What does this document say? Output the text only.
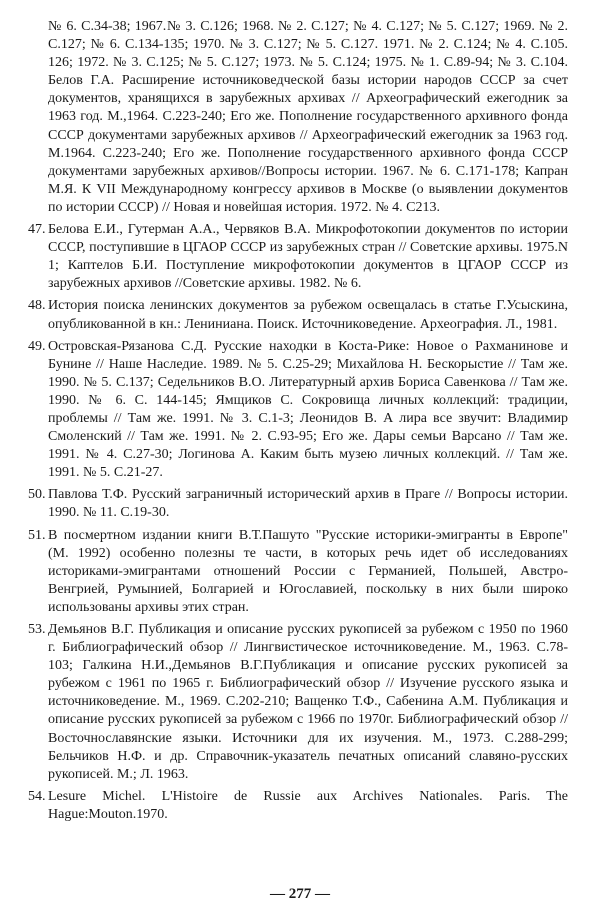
№ 6. С.34-38; 1967.№ 3. С.126; 1968. № 2. С.127; № 4. С.127; № 5. С.127; 1969. № 2. С.127; № 6. С.134-135; 1970. № 3. С.127; № 5. С.127. 1971. № 2. С.124; № 4. С.105. 126; 1972. № 3. С.125; № 5. С.127; 1973. № 5. С.124; 1975. № 1. С.89-94; № 3. С.104. Белов Г.А. Расширение источниковедческой базы истории народов СССР за счет документов, хранящихся в зарубежных архивах // Археографический ежегодник за 1963 год. М.,1964. С.223-240; Его же. Пополнение государственного архивного фонда СССР документами зарубежных архивов // Археографический ежегодник за 1963 год. М.1964. С.223-240; Его же. Пополнение государственного архивного фонда СССР документами зарубежных архивов//Вопросы истории. 1967. № 6. С.171-178; Капран М.Я. К VII Международному конгрессу архивов в Москве (о выявлении документов по истории СССР) // Новая и новейшая история. 1972. № 4. С213.
47. Белова Е.И., Гутерман А.А., Червяков В.А. Микрофотокопии документов по истории СССР, поступившие в ЦГАОР СССР из зарубежных стран // Советские архивы. 1975.N 1; Каптелов Б.И. Поступление микрофотокопии документов в ЦГАОР СССР из зарубежных архивов //Советские архивы. 1982. № 6.
48. История поиска ленинских документов за рубежом освещалась в статье Г.Усыскина, опубликованной в кн.: Лениниана. Поиск. Источниковедение. Археография. Л., 1981.
49. Островская-Рязанова С.Д. Русские находки в Коста-Рике: Новое о Рахманинове и Бунине // Наше Наследие. 1989. № 5. С.25-29; Михайлова Н. Бескорыстие // Там же. 1990. № 5. С.137; Седельников В.О. Литературный архив Бориса Савенкова // Там же. 1990. № 6. С. 144-145; Ямщиков С. Сокровища личных коллекций: традиции, проблемы // Там же. 1991. № 3. С.1-3; Леонидов В. А лира все звучит: Владимир Смоленский // Там же. 1991. № 2. С.93-95; Его же. Дары семьи Варсано // Там же. 1991. № 4. С.27-30; Логинова А. Каким быть музею личных коллекций. // Там же. 1991. № 5. С.21-27.
50. Павлова Т.Ф. Русский заграничный исторический архив в Праге // Вопросы истории. 1990. № 11. С.19-30.
51. В посмертном издании книги В.Т.Пашуто "Русские историки-эмигранты в Европе" (М. 1992) особенно полезны те части, в которых речь идет об исследованиях историками-эмигрантами отношений России с Германией, Польшей, Австро-Венгрией, Румынией, Болгарией и Югославией, поскольку в них были широко использованы архивы этих стран.
53. Демьянов В.Г. Публикация и описание русских рукописей за рубежом с 1950 по 1960 г. Библиографический обзор // Лингвистическое источниковедение. М., 1963. С.78-103; Галкина Н.И.,Демьянов В.Г.Публикация и описание русских рукописей за рубежом с 1961 по 1965 г. Библиографический обзор // Изучение русского языка и источниковедение. М., 1969. С.202-210; Ващенко Т.Ф., Сабенина А.М. Публикация и описание русских рукописей за рубежом с 1966 по 1970г. Библиографический обзор // Восточнославянские языки. Источники для их изучения. М., 1973. С.288-299; Бельчиков Н.Ф. и др. Справочник-указатель печатных описаний славяно-русских рукописей. М.; Л. 1963.
54. Lesure Michel. L'Histoire de Russie aux Archives Nationales. Paris. The Hague:Mouton.1970.
— 277 —
